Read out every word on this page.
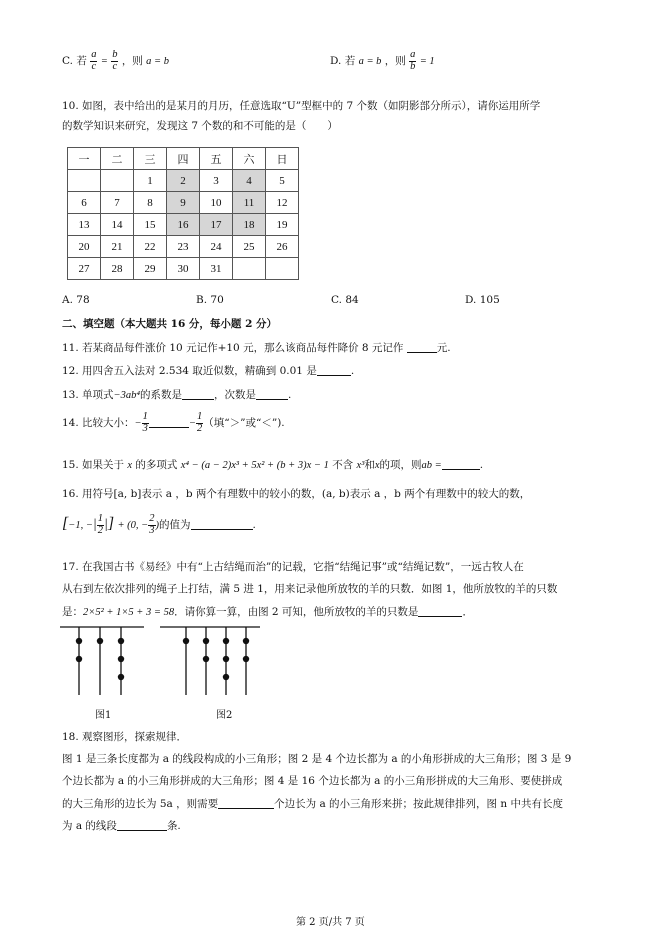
C. 若 $\frac{a}{c} = \frac{b}{c}$ ，则 a = b	D. 若 a = b ，则 $\frac{a}{b} = 1$
10. 如图，表中给出的是某月的月历，任意选取“U”型框中的 7 个数（如阴影部分所示），请你运用所学
的数学知识来研究，发现这 7 个数的和不可能的是（　　）
一	二	三	四	五	六	日
		1	2	3	4	5
6	7	8	9	10	11	12
13	14	15	16	17	18	19
20	21	22	23	24	25	26
27	28	29	30	31		
A. 78	B. 70	C. 84	D. 105
二、填空题（本大题共 16 分，每小题 2 分）
11. 若某商品每件涨价 10 元记作+10 元，那么该商品每件降价 8 元记作	元.
12. 用四舍五入法对 2.534 取近似数，精确到 0.01 是	.
13. 单项式−3ab⁴的系数是	，次数是	.
14. 比较大小：− $\frac{1}{3}$	− $\frac{1}{2}$ （填“＞”或“＜”).
15. 如果关于 x 的多项式 x⁴ − (a − 2)x³ + 5x² + (b + 3)x − 1 不含 x³和x的项，则ab =	.
16. 用符号[a, b]表示 a ，b 两个有理数中的较小的数，(a, b)表示 a ，b 两个有理数中的较大的数，
[−1, −| $\frac{1}{2}$ |] + (0, − $\frac{2}{3}$ )的值为	.
17. 在我国古书《易经》中有“上古结绳而治”的记载，它指“结绳记事”或“结绳记数”，一远古牧人在
从右到左依次排列的绳子上打结，满 5 进 1，用来记录他所放牧的羊的只数．如图 1，他所放牧的羊的只数
是：2×5² + 1×5 + 3 = 58．请你算一算，由图 2 可知，他所放牧的羊的只数是	．
图1	图2
18. 观察图形，探索规律．
图 1 是三条长度都为 a 的线段构成的小三角形；图 2 是 4 个边长都为 a 的小角形拼成的大三角形；图 3 是 9
个边长都为 a 的小三角形拼成的大三角形；图 4 是 16 个边长都为 a 的小三角形拼成的大三角形、要使拼成
的大三角形的边长为 5a ，则需要	个边长为 a 的小三角形来拼；按此规律排列，图 n 中共有长度
为 a 的线段	条.
第 2 页/共 7 页
